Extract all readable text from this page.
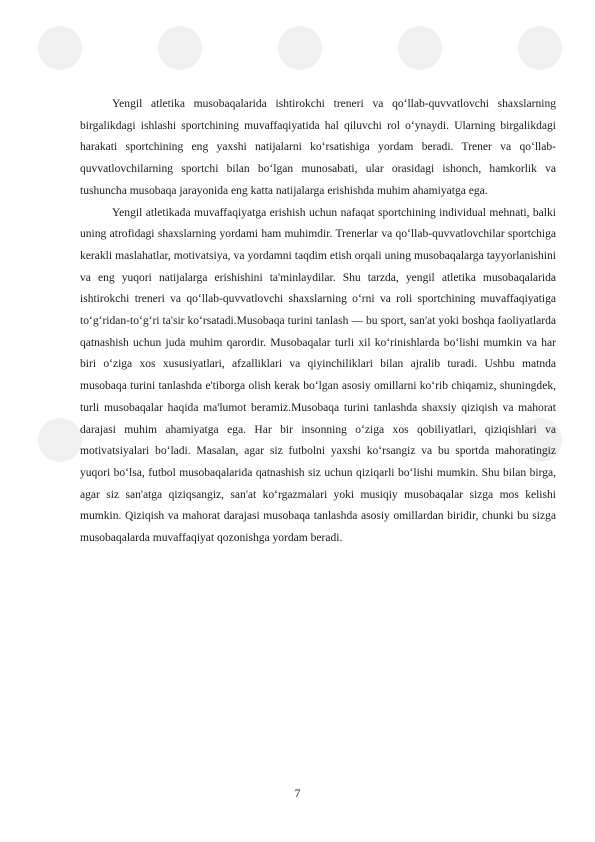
Yengil atletika musobaqalarida ishtirokchi treneri va qo‘llab-quvvatlovchi shaxslarning birgalikdagi ishlashi sportchining muvaffaqiyatida hal qiluvchi rol o‘ynaydi. Ularning birgalikdagi harakati sportchining eng yaxshi natijalarni ko‘rsatishiga yordam beradi. Trener va qo‘llab-quvvatlovchilarning sportchi bilan bo‘lgan munosabati, ular orasidagi ishonch, hamkorlik va tushuncha musobaqa jarayonida eng katta natijalarga erishishda muhim ahamiyatga ega.

Yengil atletikada muvaffaqiyatga erishish uchun nafaqat sportchining individual mehnati, balki uning atrofidagi shaxslarning yordami ham muhimdir. Trenerlar va qo‘llab-quvvatlovchilar sportchiga kerakli maslahatlar, motivatsiya, va yordamni taqdim etish orqali uning musobaqalarga tayyorlanishini va eng yuqori natijalarga erishishini ta'minlaydilar. Shu tarzda, yengil atletika musobaqalarida ishtirokchi treneri va qo‘llab-quvvatlovchi shaxslarning o‘rni va roli sportchining muvaffaqiyatiga to‘g‘ridan-to‘g‘ri ta'sir ko‘rsatadi.Musobaqa turini tanlash — bu sport, san'at yoki boshqa faoliyatlarda qatnashish uchun juda muhim qarordir. Musobaqalar turli xil ko‘rinishlarda bo‘lishi mumkin va har biri o‘ziga xos xususiyatlari, afzalliklari va qiyinchiliklari bilan ajralib turadi. Ushbu matnda musobaqa turini tanlashda e'tiborga olish kerak bo‘lgan asosiy omillarni ko‘rib chiqamiz, shuningdek, turli musobaqalar haqida ma'lumot beramiz.Musobaqa turini tanlashda shaxsiy qiziqish va mahorat darajasi muhim ahamiyatga ega. Har bir insonning o‘ziga xos qobiliyatlari, qiziqishlari va motivatsiyalari bo‘ladi. Masalan, agar siz futbolni yaxshi ko‘rsangiz va bu sportda mahoratingiz yuqori bo‘lsa, futbol musobaqalarida qatnashish siz uchun qiziqarli bo‘lishi mumkin. Shu bilan birga, agar siz san'atga qiziqsangiz, san'at ko‘rgazmalari yoki musiqiy musobaqalar sizga mos kelishi mumkin. Qiziqish va mahorat darajasi musobaqa tanlashda asosiy omillardan biridir, chunki bu sizga musobaqalarda muvaffaqiyat qozonishga yordam beradi.

7
